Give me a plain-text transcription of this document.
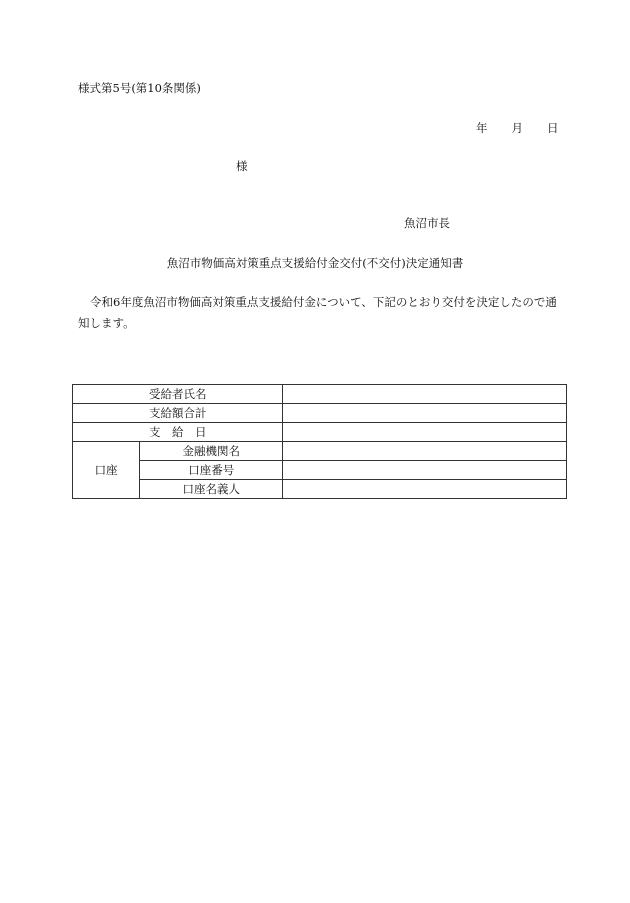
様式第5号(第10条関係)
年 月 日
様
魚沼市長
魚沼市物価高対策重点支援給付金交付(不交付)決定通知書

令和6年度魚沼市物価高対策重点支援給付金について、下記のとおり交付を決定したので通知します。

受給者氏名		
支給額合計		
支　給　日		
口座	金融機関名	
	口座番号	
	口座名義人	
